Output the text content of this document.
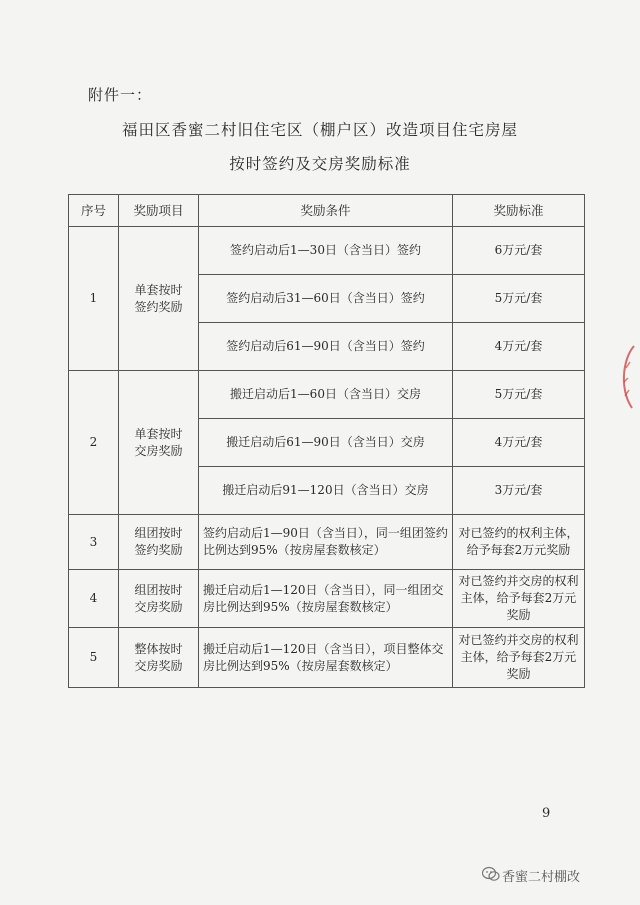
附件一：
福田区香蜜二村旧住宅区（棚户区）改造项目住宅房屋
按时签约及交房奖励标准
序号	奖励项目	奖励条件	奖励标准
1	单套按时签约奖励	签约启动后1—30日（含当日）签约	6万元/套
		签约启动后31—60日（含当日）签约	5万元/套
		签约启动后61—90日（含当日）签约	4万元/套
2	单套按时交房奖励	搬迁启动后1—60日（含当日）交房	5万元/套
		搬迁启动后61—90日（含当日）交房	4万元/套
		搬迁启动后91—120日（含当日）交房	3万元/套
3	组团按时签约奖励	签约启动后1—90日（含当日），同一组团签约比例达到95%（按房屋套数核定）	对已签约的权利主体，给予每套2万元奖励
4	组团按时交房奖励	搬迁启动后1—120日（含当日），同一组团交房比例达到95%（按房屋套数核定）	对已签约并交房的权利主体，给予每套2万元奖励
5	整体按时交房奖励	搬迁启动后1—120日（含当日），项目整体交房比例达到95%（按房屋套数核定）	对已签约并交房的权利主体，给予每套2万元奖励
9
香蜜二村棚改
